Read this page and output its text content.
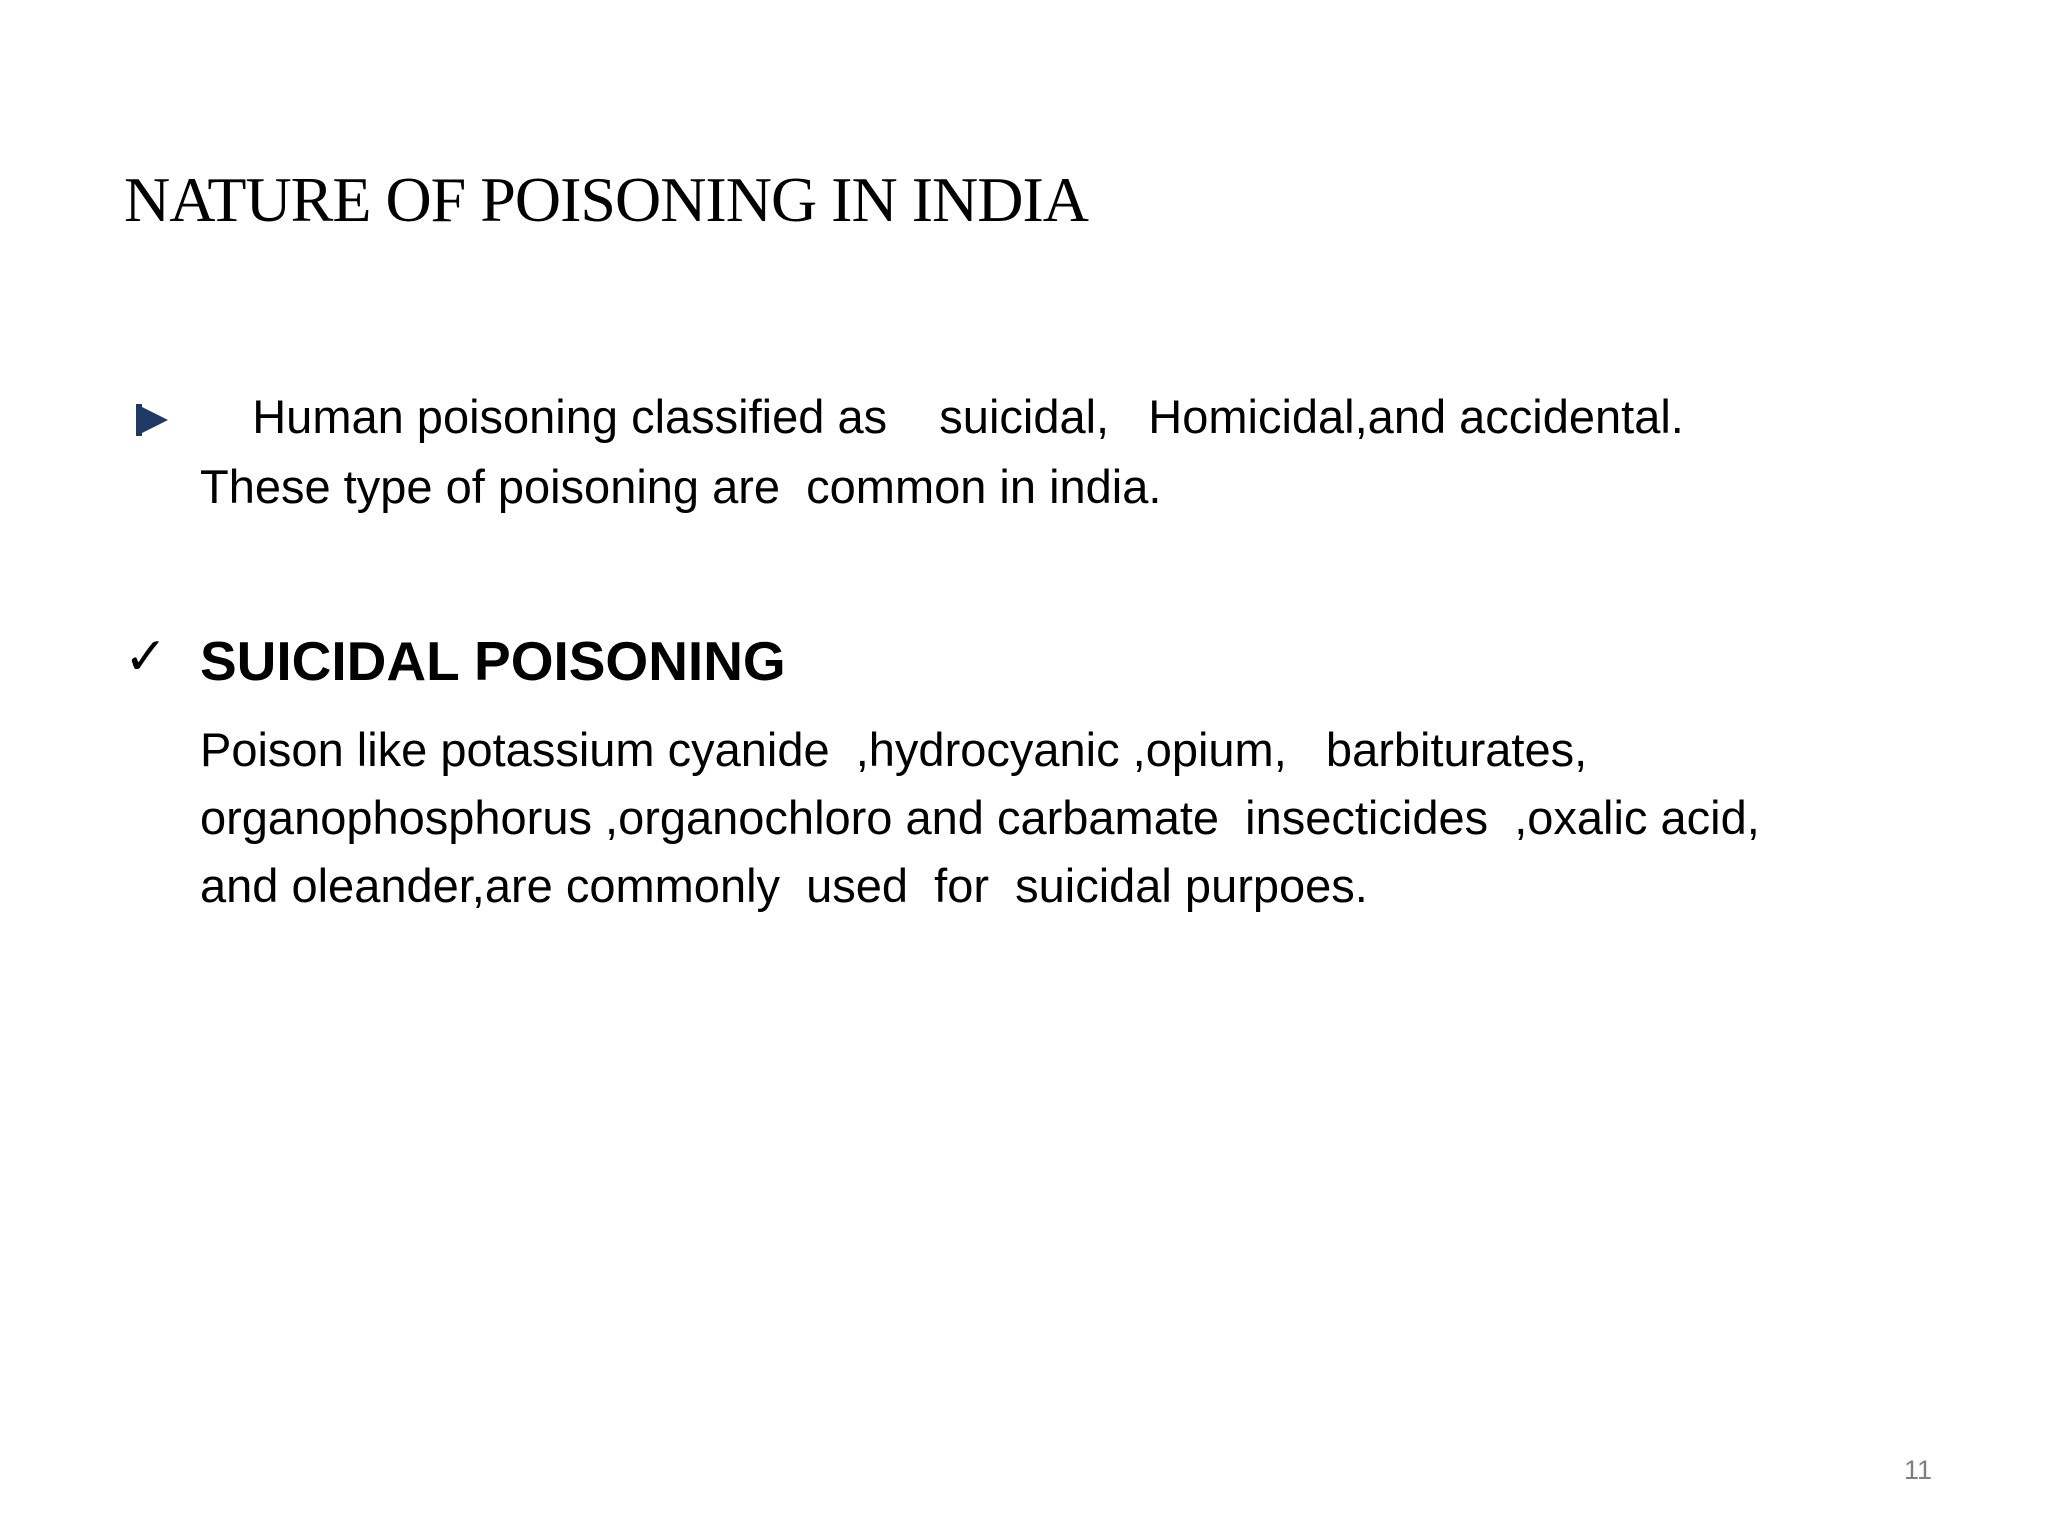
NATURE OF POISONING IN INDIA

Human poisoning classified as    suicidal,   Homicidal,and accidental.
These type of poisoning are  common in india.

✓ SUICIDAL POISONING

Poison like potassium cyanide  ,hydrocyanic ,opium,   barbiturates,
organophosphorus ,organochloro and carbamate  insecticides  ,oxalic acid,
and oleander,are commonly  used  for  suicidal purpoes.

11
